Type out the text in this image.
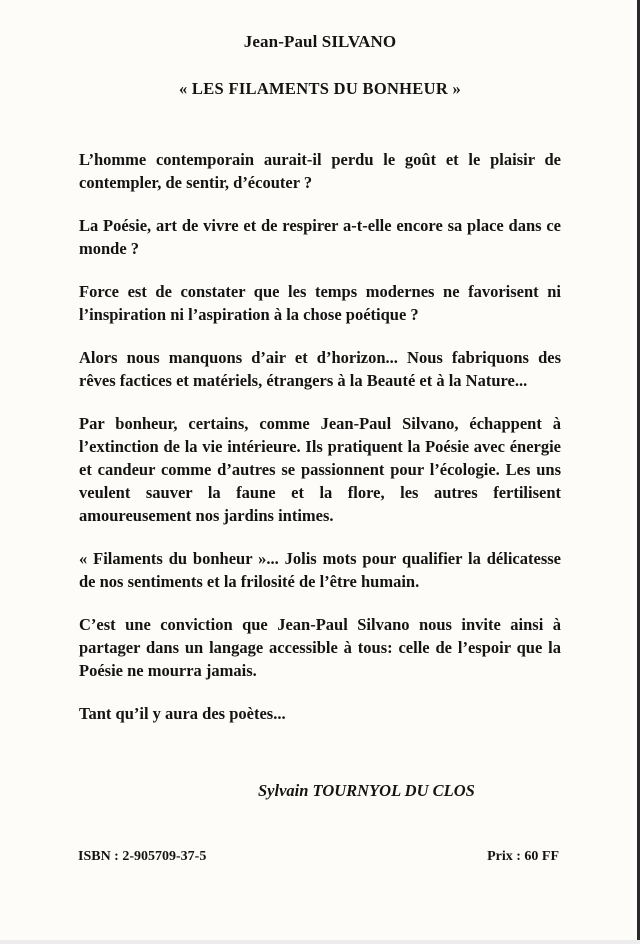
Jean-Paul SILVANO
« LES FILAMENTS DU BONHEUR »

L’homme contemporain aurait-il perdu le goût et le plaisir de contempler, de sentir, d’écouter ?

La Poésie, art de vivre et de respirer a-t-elle encore sa place dans ce monde ?

Force est de constater que les temps modernes ne favorisent ni l’inspiration ni l’aspiration à la chose poétique ?

Alors nous manquons d’air et d’horizon... Nous fabriquons des rêves factices et matériels, étrangers à la Beauté et à la Nature...

Par bonheur, certains, comme Jean-Paul Silvano, échappent à l’extinction de la vie intérieure. Ils pratiquent la Poésie avec énergie et candeur comme d’autres se passionnent pour l’écologie. Les uns veulent sauver la faune et la flore, les autres fertilisent amoureusement nos jardins intimes.

« Filaments du bonheur »... Jolis mots pour qualifier la délicatesse de nos sentiments et la frilosité de l’être humain.

C’est une conviction que Jean-Paul Silvano nous invite ainsi à partager dans un langage accessible à tous: celle de l’espoir que la Poésie ne mourra jamais.

Tant qu’il y aura des poètes...

Sylvain TOURNYOL DU CLOS
ISBN : 2-905709-37-5	Prix : 60 FF
